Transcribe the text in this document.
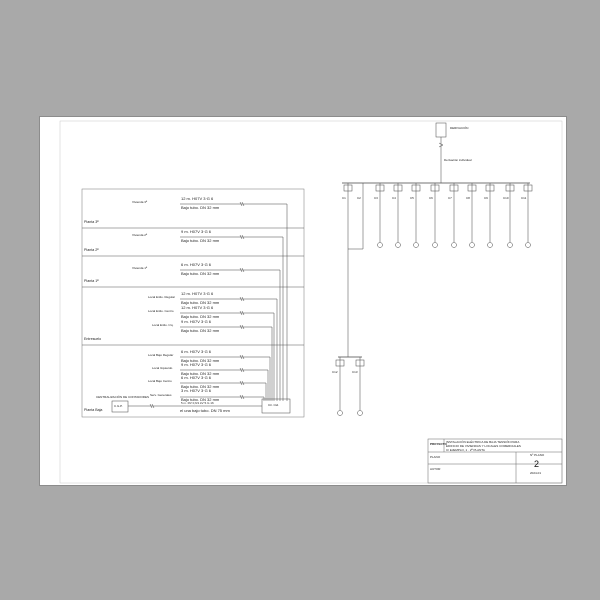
Planta 3ª
Planta 2ª
Planta 1ª
Entresuelo
Planta Baja
Vivienda 3ª
12 m. H07V 3·G 6
Bajo tubo. DN 32 mm
Vivienda 2ª
9 m. H07V 3·G 6
Bajo tubo. DN 32 mm
Vivienda 1ª
6 m. H07V 3·G 6
Bajo tubo. DN 32 mm
Local Entlo. Regular
12 m. H07V 3·G 6
Bajo tubo. DN 32 mm
Local Entlo. Centro
12 m. H07V 3·G 6
Bajo tubo. DN 32 mm
Local Entlo. Izq.
9 m. H07V 3·G 6
Bajo tubo. DN 32 mm
Local Bajo Regular
6 m. H07V 3·G 6
Bajo tubo. DN 32 mm
Local Izquierdo
9 m. H07V 3·G 6
Bajo tubo. DN 32 mm
Local Bajo Centro
6 m. H07V 3·G 6
Bajo tubo. DN 32 mm
Serv. Generales
3 m. H07V 3·G 6
Bajo tubo. DN 32 mm
5 m. RV 0,6/1 kV 5·G 16
CENTRALIZACIÓN DE CONTADORES
el una bajo tubo. DN 75 mm
C.G.P.	Ctr. Ctd.
DERIVACIÓN
Derivación individual
C1	C2	C3	C4	C5	C6	C7	C8	C9	C10	C11
C12	C13
PROYECTO INSTALACIÓN ELÉCTRICA DE BAJA TENSIÓN PARA
EDIFICIO DE VIVIENDAS Y LOCALES COMERCIALES
C/ EJEMPLO, 1 · 2ª PLANTA
PLANO
AUTOR
Nº PLANO
2
2024-01
